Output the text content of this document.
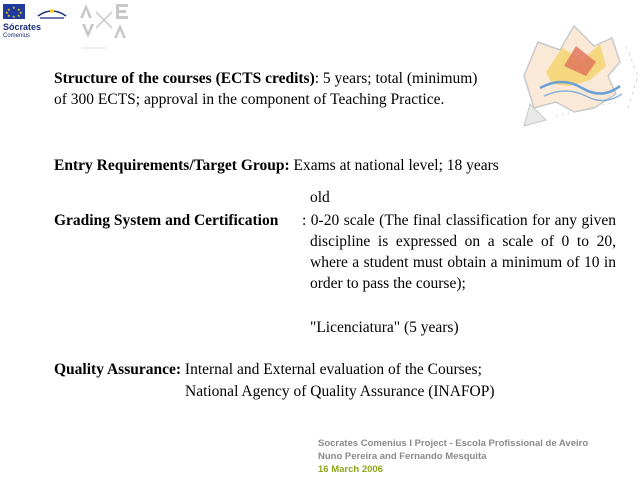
★ ★
★
★
★
★
★
★
Sócrates
Comenius
Structure of the courses (ECTS credits): 5 years; total (minimum)
of 300 ECTS; approval in the component of Teaching Practice.
Entry Requirements/Target Group: Exams at national level; 18 years
old
Grading System and Certification : 0-20 scale (The final classification for any given discipline is expressed on a scale of 0 to 20, where a student must obtain a minimum of 10 in order to pass the course);

"Licenciatura" (5 years)
Quality Assurance: Internal and External evaluation of the Courses;
National Agency of Quality Assurance (INAFOP)
Socrates Comenius I Project - Escola Profissional de Aveiro
Nuno Pereira and Fernando Mesquita
16 March 2006
